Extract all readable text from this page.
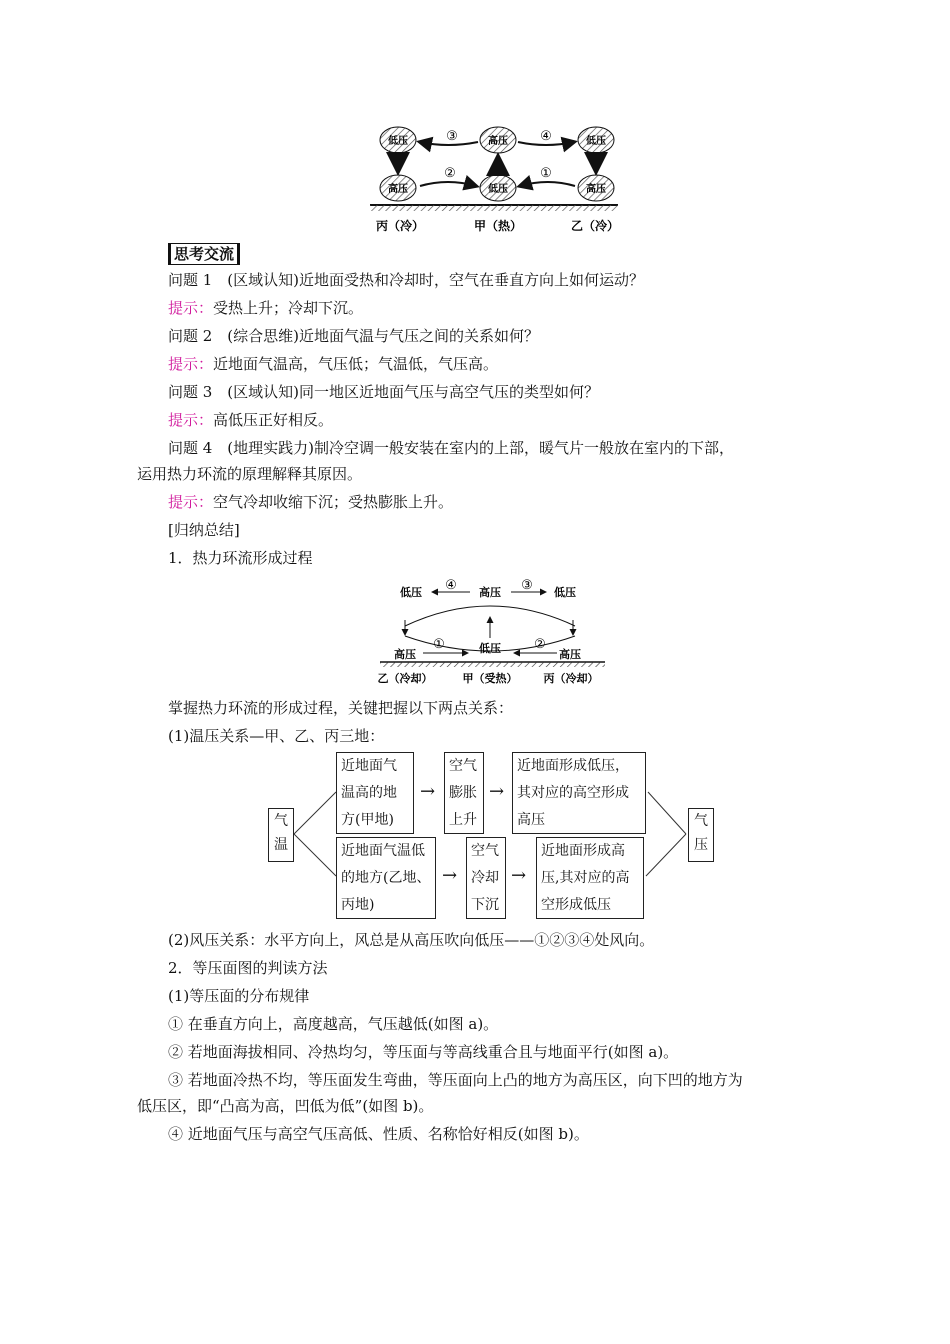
低压	高压	低压
高压	低压	高压
③	④
②	①
丙（冷）	甲（热）	乙（冷）
思考交流
问题 1　(区域认知)近地面受热和冷却时，空气在垂直方向上如何运动？
提示：受热上升；冷却下沉。
问题 2　(综合思维)近地面气温与气压之间的关系如何？
提示：近地面气温高，气压低；气温低，气压高。
问题 3　(区域认知)同一地区近地面气压与高空气压的类型如何？
提示：高低压正好相反。
问题 4　(地理实践力)制冷空调一般安装在室内的上部，暖气片一般放在室内的下部，
运用热力环流的原理解释其原因。
提示：空气冷却收缩下沉；受热膨胀上升。
[归纳总结]
1．热力环流形成过程
低压	高压	低压
④	③
①	②
低压
高压	高压
乙（冷却）	甲（受热） 丙（冷却）
掌握热力环流的形成过程，关键把握以下两点关系：
(1)温压关系—甲、乙、丙三地：
气温
气压
近地面气温高的地方(甲地)
→
空气膨胀上升
→
近地面形成低压，其对应的高空形成高压
近地面气温低的地方(乙地、丙地)
→
空气冷却下沉
→
近地面形成高压,其对应的高空形成低压
(2)风压关系：水平方向上，风总是从高压吹向低压——①②③④处风向。
2．等压面图的判读方法
(1)等压面的分布规律
① 在垂直方向上，高度越高，气压越低(如图 a)。
② 若地面海拔相同、冷热均匀，等压面与等高线重合且与地面平行(如图 a)。
③ 若地面冷热不均，等压面发生弯曲，等压面向上凸的地方为高压区，向下凹的地方为
低压区，即“凸高为高，凹低为低”(如图 b)。
④ 近地面气压与高空气压高低、性质、名称恰好相反(如图 b)。
